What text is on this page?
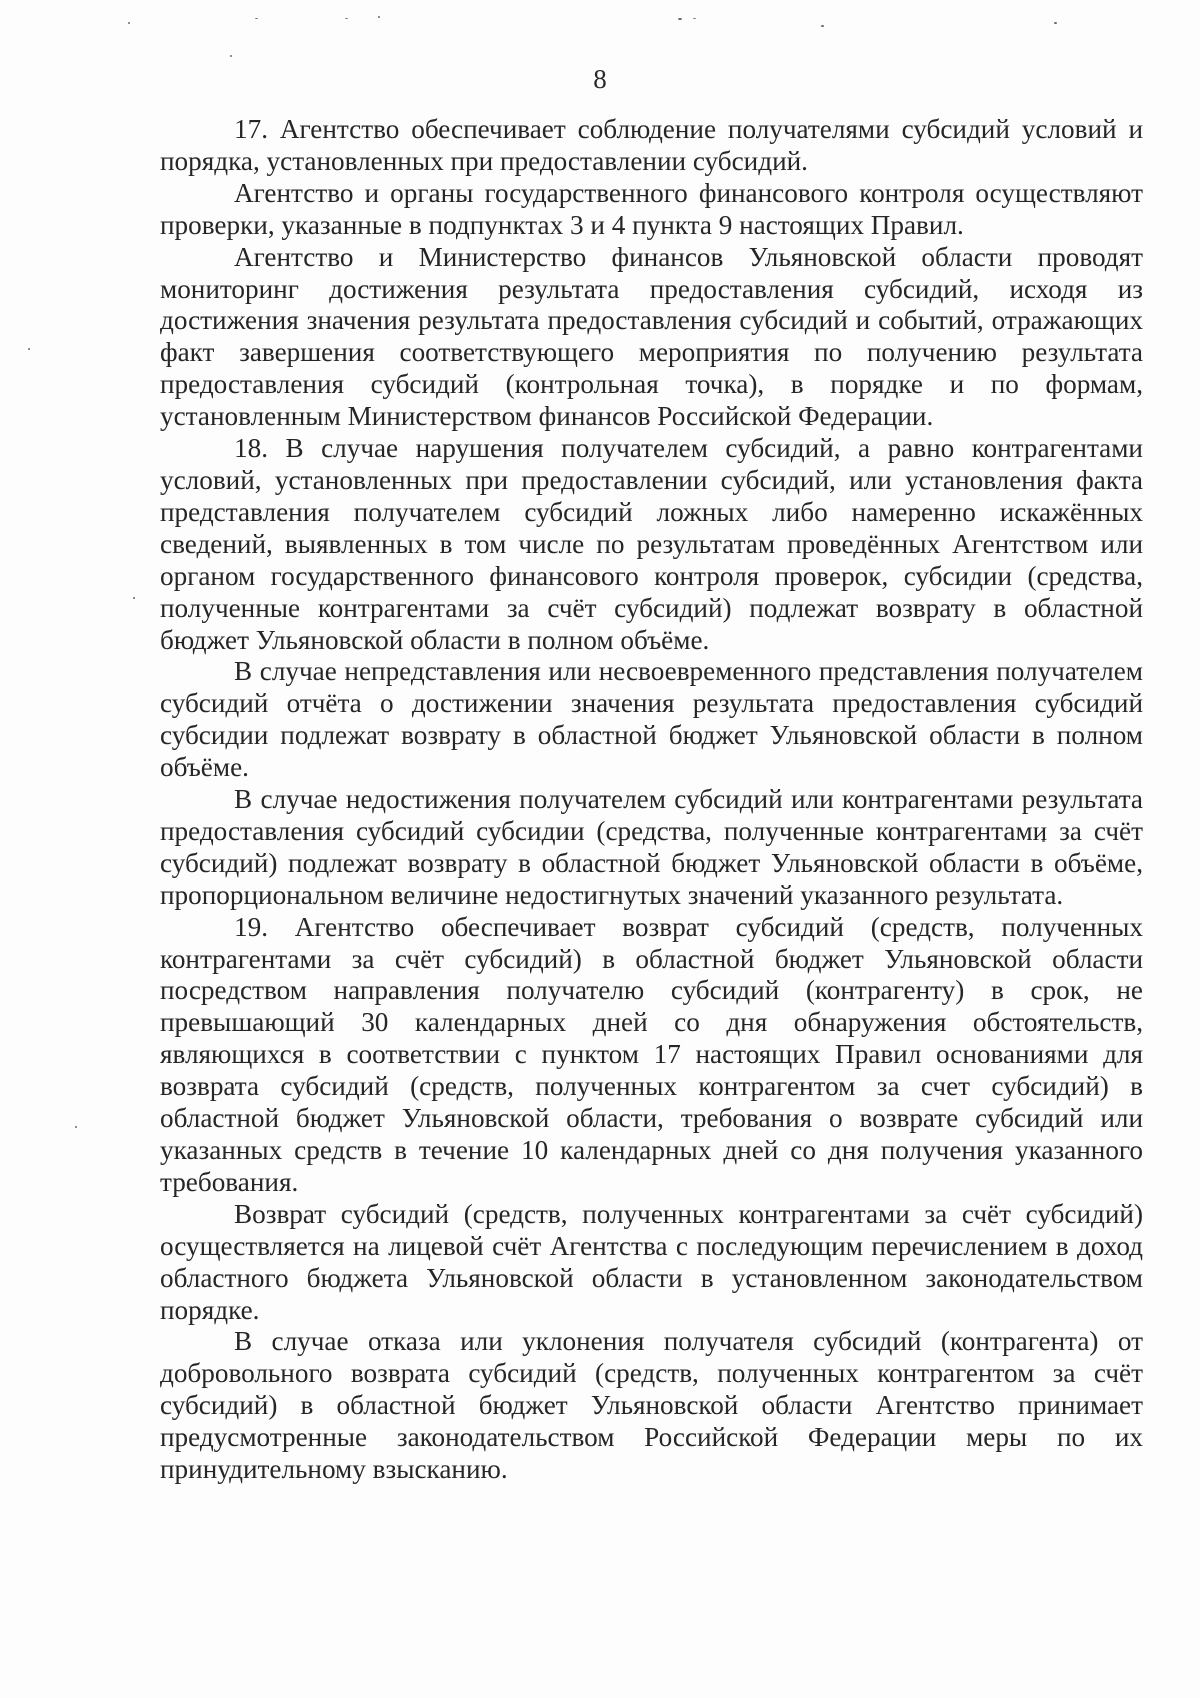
8

17. Агентство обеспечивает соблюдение получателями субсидий условий и порядка, установленных при предоставлении субсидий.

Агентство и органы государственного финансового контроля осуществляют проверки, указанные в подпунктах 3 и 4 пункта 9 настоящих Правил.

Агентство и Министерство финансов Ульяновской области проводят мониторинг достижения результата предоставления субсидий, исходя из достижения значения результата предоставления субсидий и событий, отражающих факт завершения соответствующего мероприятия по получению результата предоставления субсидий (контрольная точка), в порядке и по формам, установленным Министерством финансов Российской Федерации.

18. В случае нарушения получателем субсидий, а равно контрагентами условий, установленных при предоставлении субсидий, или установления факта представления получателем субсидий ложных либо намеренно искажённых сведений, выявленных в том числе по результатам проведённых Агентством или органом государственного финансового контроля проверок, субсидии (средства, полученные контрагентами за счёт субсидий) подлежат возврату в областной бюджет Ульяновской области в полном объёме.

В случае непредставления или несвоевременного представления получателем субсидий отчёта о достижении значения результата предоставления субсидий субсидии подлежат возврату в областной бюджет Ульяновской области в полном объёме.

В случае недостижения получателем субсидий или контрагентами результата предоставления субсидий субсидии (средства, полученные контрагентами за счёт субсидий) подлежат возврату в областной бюджет Ульяновской области в объёме, пропорциональном величине недостигнутых значений указанного результата.

19. Агентство обеспечивает возврат субсидий (средств, полученных контрагентами за счёт субсидий) в областной бюджет Ульяновской области посредством направления получателю субсидий (контрагенту) в срок, не превышающий 30 календарных дней со дня обнаружения обстоятельств, являющихся в соответствии с пунктом 17 настоящих Правил основаниями для возврата субсидий (средств, полученных контрагентом за счет субсидий) в областной бюджет Ульяновской области, требования о возврате субсидий или указанных средств в течение 10 календарных дней со дня получения указанного требования.

Возврат субсидий (средств, полученных контрагентами за счёт субсидий) осуществляется на лицевой счёт Агентства с последующим перечислением в доход областного бюджета Ульяновской области в установленном законодательством порядке.

В случае отказа или уклонения получателя субсидий (контрагента) от добровольного возврата субсидий (средств, полученных контрагентом за счёт субсидий) в областной бюджет Ульяновской области Агентство принимает предусмотренные законодательством Российской Федерации меры по их принудительному взысканию.
